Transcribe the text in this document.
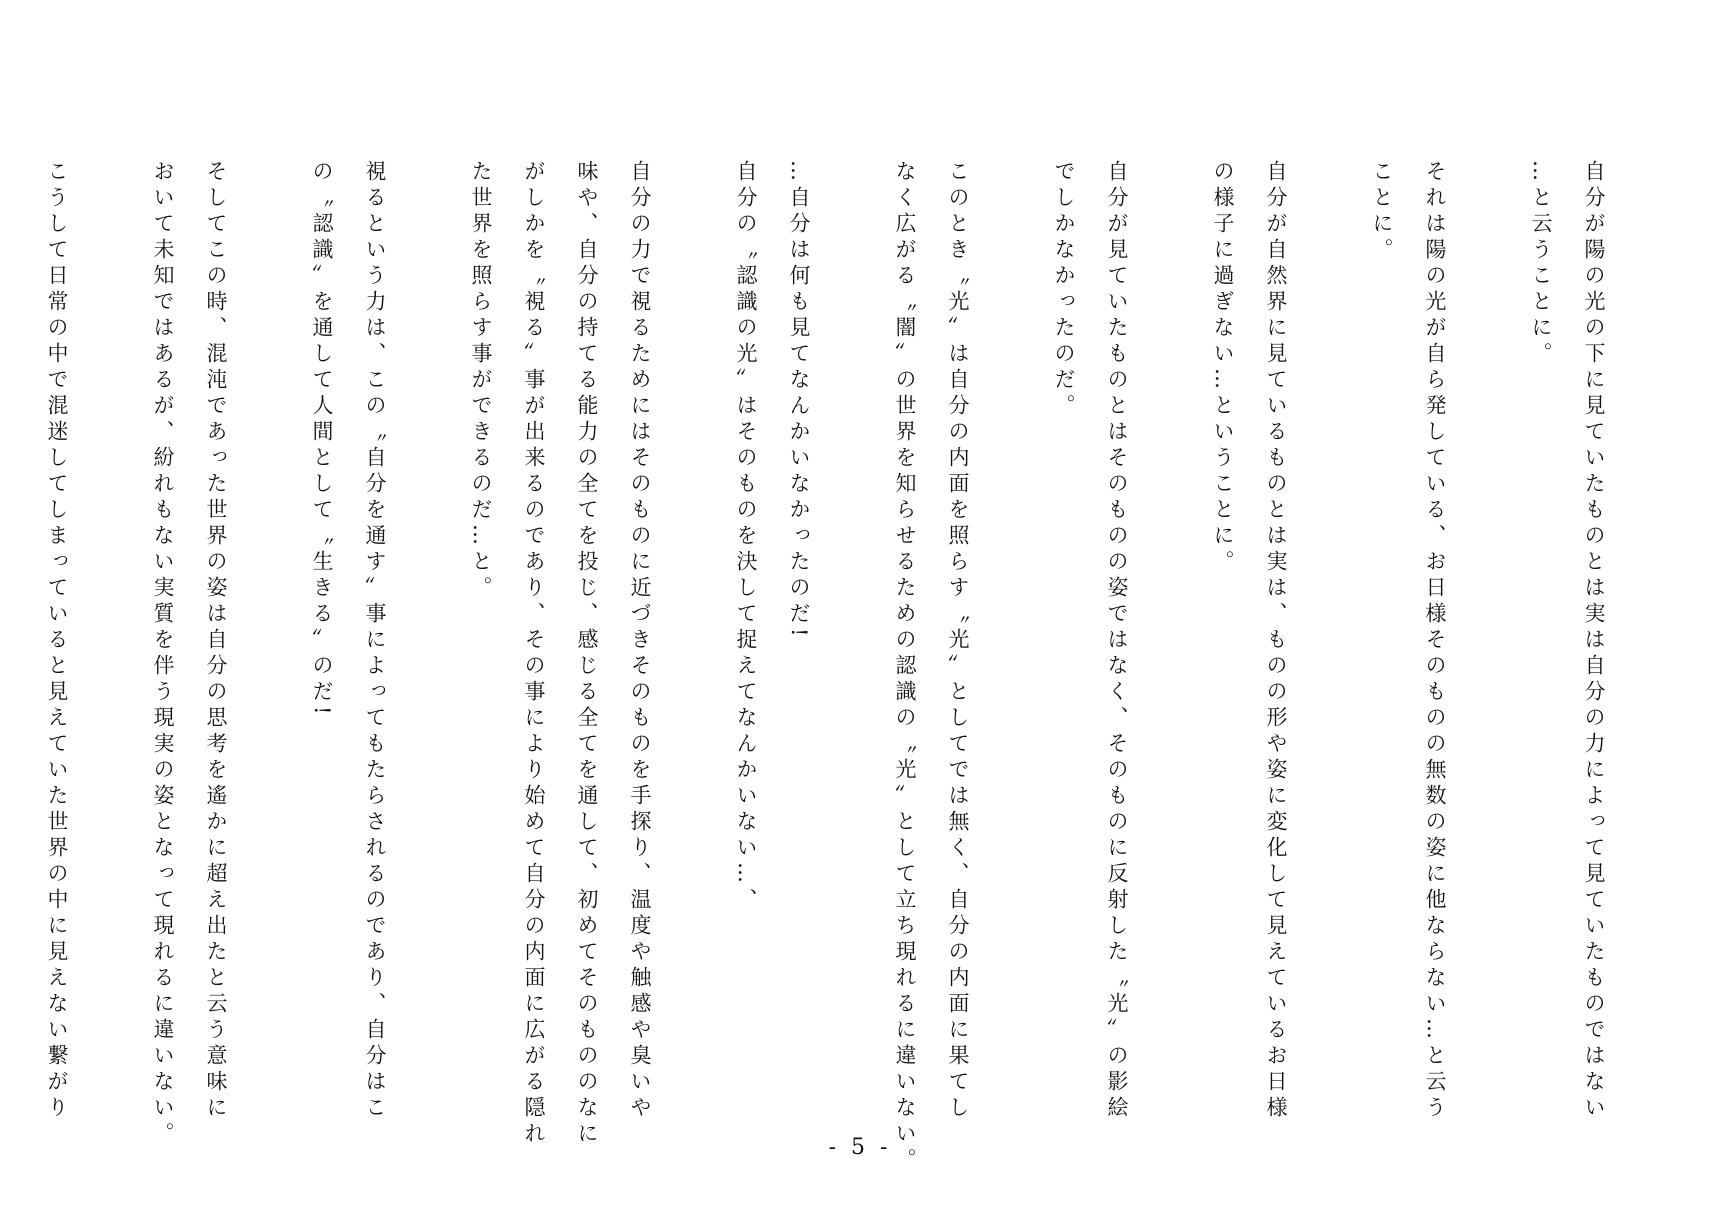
自分が陽の光の下に見ていたものとは実は自分の力によって見ていたものではない
…と云うことに。
それは陽の光が自ら発している、お日様そのものの無数の姿に他ならない…と云う
ことに。
自分が自然界に見ているものとは実は、ものの形や姿に変化して見えているお日様
の様子に過ぎない…ということに。
自分が見ていたものとはそのものの姿ではなく、そのものに反射した〝光〟の影絵
でしかなかったのだ。
このとき〝光〟は自分の内面を照らす〝光〟としてでは無く、自分の内面に果てし
なく広がる〝闇〟の世界を知らせるための認識の〝光〟として立ち現れるに違いない。
…自分は何も見てなんかいなかったのだ!
自分の〝認識の光〟はそのものを決して捉えてなんかいない…、
自分の力で視るためにはそのものに近づきそのものを手探り、温度や触感や臭いや
味や、自分の持てる能力の全てを投じ、感じる全てを通して、初めてそのもののなに
がしかを〝視る〟事が出来るのであり、その事により始めて自分の内面に広がる隠れ
た世界を照らす事ができるのだ…と。
視るという力は、この〝自分を通す〟事によってもたらされるのであり、自分はこ
の〝認識〟を通して人間として〝生きる〟のだ!
そしてこの時、混沌であった世界の姿は自分の思考を遙かに超え出たと云う意味に
おいて未知ではあるが、紛れもない実質を伴う現実の姿となって現れるに違いない。
こうして日常の中で混迷してしまっていると見えていた世界の中に見えない繋がり
- 5 -
